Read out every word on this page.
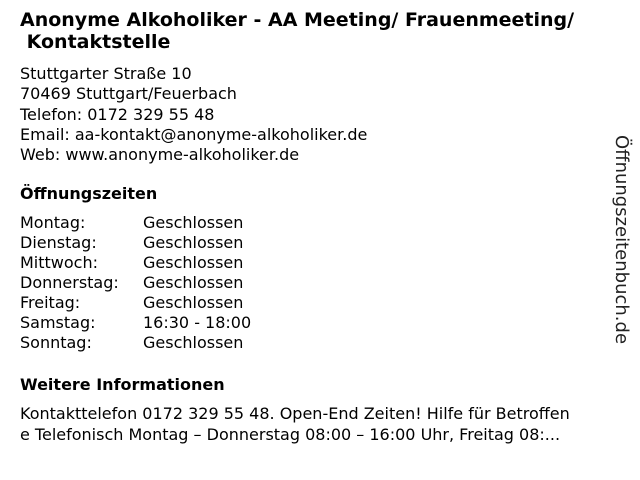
Anonyme Alkoholiker - AA Meeting/ Frauenmeeting/
Kontaktstelle
Stuttgarter Straße 10
70469 Stuttgart/Feuerbach
Telefon: 0172 329 55 48
Email: aa-kontakt@anonyme-alkoholiker.de
Web: www.anonyme-alkoholiker.de
Öffnungszeiten
Montag:	Geschlossen
Dienstag:	Geschlossen
Mittwoch:	Geschlossen
Donnerstag:	Geschlossen
Freitag:	Geschlossen
Samstag:	16:30 - 18:00
Sonntag:	Geschlossen
Weitere Informationen
Kontakttelefon 0172 329 55 48. Open-End Zeiten! Hilfe für Betroffen
e Telefonisch Montag – Donnerstag 08:00 – 16:00 Uhr, Freitag 08:...
Öffnungszeitenbuch.de
